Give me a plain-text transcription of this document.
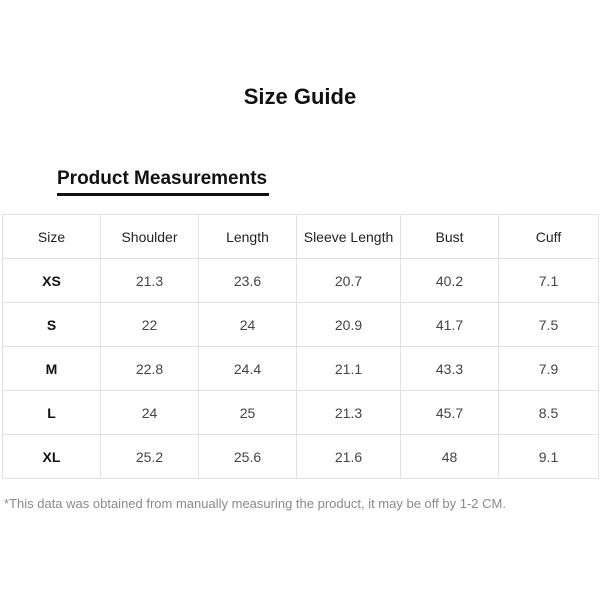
Size Guide
Product Measurements
Size	Shoulder	Length	Sleeve Length	Bust	Cuff
XS	21.3	23.6	20.7	40.2	7.1
S	22	24	20.9	41.7	7.5
M	22.8	24.4	21.1	43.3	7.9
L	24	25	21.3	45.7	8.5
XL	25.2	25.6	21.6	48	9.1
*This data was obtained from manually measuring the product, it may be off by 1-2 CM.
